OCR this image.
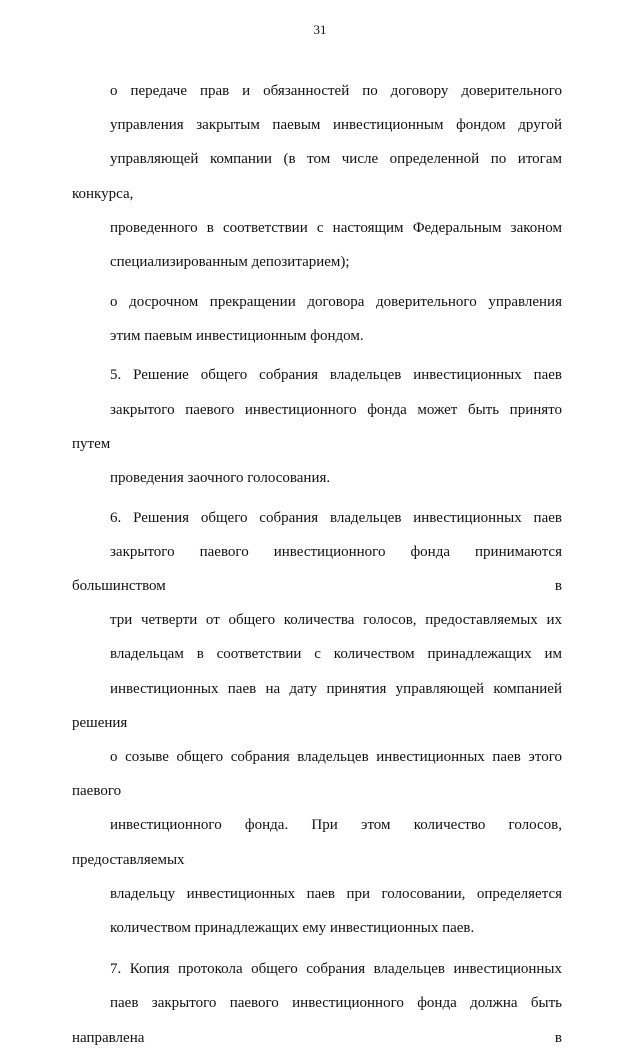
31

о передаче прав и обязанностей по договору доверительного
управления закрытым паевым инвестиционным фондом другой
управляющей компании (в том числе определенной по итогам конкурса,
проведенного в соответствии с настоящим Федеральным законом
специализированным депозитарием);

о досрочном прекращении договора доверительного управления
этим паевым инвестиционным фондом.

5. Решение общего собрания владельцев инвестиционных паев
закрытого паевого инвестиционного фонда может быть принято путем
проведения заочного голосования.

6. Решения общего собрания владельцев инвестиционных паев
закрытого паевого инвестиционного фонда принимаются большинством в
три четверти от общего количества голосов, предоставляемых их
владельцам в соответствии с количеством принадлежащих им
инвестиционных паев на дату принятия управляющей компанией решения
о созыве общего собрания владельцев инвестиционных паев этого паевого
инвестиционного фонда. При этом количество голосов, предоставляемых
владельцу инвестиционных паев при голосовании, определяется
количеством принадлежащих ему инвестиционных паев.

7. Копия протокола общего собрания владельцев инвестиционных
паев закрытого паевого инвестиционного фонда должна быть направлена в
